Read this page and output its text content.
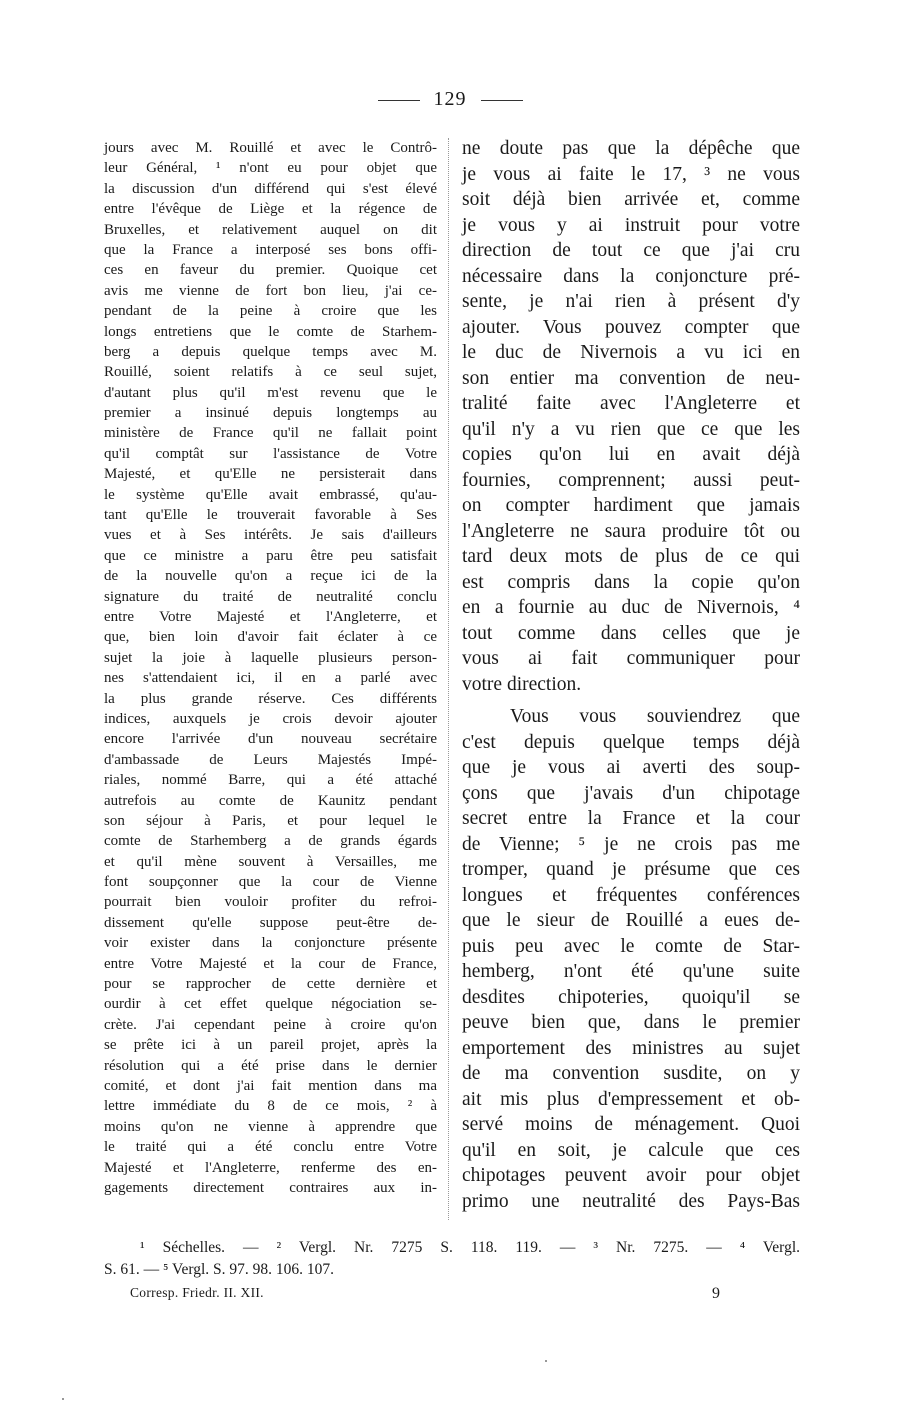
129
jours avec M. Rouillé et avec le Contrô-
leur Général, ¹ n'ont eu pour objet que
la discussion d'un différend qui s'est élevé
entre l'évêque de Liège et la régence de
Bruxelles, et relativement auquel on dit
que la France a interposé ses bons offi-
ces en faveur du premier. Quoique cet
avis me vienne de fort bon lieu, j'ai ce-
pendant de la peine à croire que les
longs entretiens que le comte de Starhem-
berg a depuis quelque temps avec M.
Rouillé, soient relatifs à ce seul sujet,
d'autant plus qu'il m'est revenu que le
premier a insinué depuis longtemps au
ministère de France qu'il ne fallait point
qu'il comptât sur l'assistance de Votre
Majesté, et qu'Elle ne persisterait dans
le système qu'Elle avait embrassé, qu'au-
tant qu'Elle le trouverait favorable à Ses
vues et à Ses intérêts. Je sais d'ailleurs
que ce ministre a paru être peu satisfait
de la nouvelle qu'on a reçue ici de la
signature du traité de neutralité conclu
entre Votre Majesté et l'Angleterre, et
que, bien loin d'avoir fait éclater à ce
sujet la joie à laquelle plusieurs person-
nes s'attendaient ici, il en a parlé avec
la plus grande réserve. Ces différents
indices, auxquels je crois devoir ajouter
encore l'arrivée d'un nouveau secrétaire
d'ambassade de Leurs Majestés Impé-
riales, nommé Barre, qui a été attaché
autrefois au comte de Kaunitz pendant
son séjour à Paris, et pour lequel le
comte de Starhemberg a de grands égards
et qu'il mène souvent à Versailles, me
font soupçonner que la cour de Vienne
pourrait bien vouloir profiter du refroi-
dissement qu'elle suppose peut-être de-
voir exister dans la conjoncture présente
entre Votre Majesté et la cour de France,
pour se rapprocher de cette dernière et
ourdir à cet effet quelque négociation se-
crète. J'ai cependant peine à croire qu'on
se prête ici à un pareil projet, après la
résolution qui a été prise dans le dernier
comité, et dont j'ai fait mention dans ma
lettre immédiate du 8 de ce mois, ² à
moins qu'on ne vienne à apprendre que
le traité qui a été conclu entre Votre
Majesté et l'Angleterre, renferme des en-
gagements directement contraires aux in-
ne doute pas que la dépêche que
je vous ai faite le 17, ³ ne vous
soit déjà bien arrivée et, comme
je vous y ai instruit pour votre
direction de tout ce que j'ai cru
nécessaire dans la conjoncture pré-
sente, je n'ai rien à présent d'y
ajouter. Vous pouvez compter que
le duc de Nivernois a vu ici en
son entier ma convention de neu-
tralité faite avec l'Angleterre et
qu'il n'y a vu rien que ce que les
copies qu'on lui en avait déjà
fournies, comprennent; aussi peut-
on compter hardiment que jamais
l'Angleterre ne saura produire tôt ou
tard deux mots de plus de ce qui
est compris dans la copie qu'on
en a fournie au duc de Nivernois, ⁴
tout comme dans celles que je
vous ai fait communiquer pour
votre direction.
Vous vous souviendrez que
c'est depuis quelque temps déjà
que je vous ai averti des soup-
çons que j'avais d'un chipotage
secret entre la France et la cour
de Vienne; ⁵ je ne crois pas me
tromper, quand je présume que ces
longues et fréquentes conférences
que le sieur de Rouillé a eues de-
puis peu avec le comte de Star-
hemberg, n'ont été qu'une suite
desdites chipoteries, quoiqu'il se
peuve bien que, dans le premier
emportement des ministres au sujet
de ma convention susdite, on y
ait mis plus d'empressement et ob-
servé moins de ménagement. Quoi
qu'il en soit, je calcule que ces
chipotages peuvent avoir pour objet
primo une neutralité des Pays-Bas
¹ Séchelles. — ² Vergl. Nr. 7275 S. 118. 119. — ³ Nr. 7275. — ⁴ Vergl.
S. 61. — ⁵ Vergl. S. 97. 98. 106. 107.
Corresp. Friedr. II. XII.	9
